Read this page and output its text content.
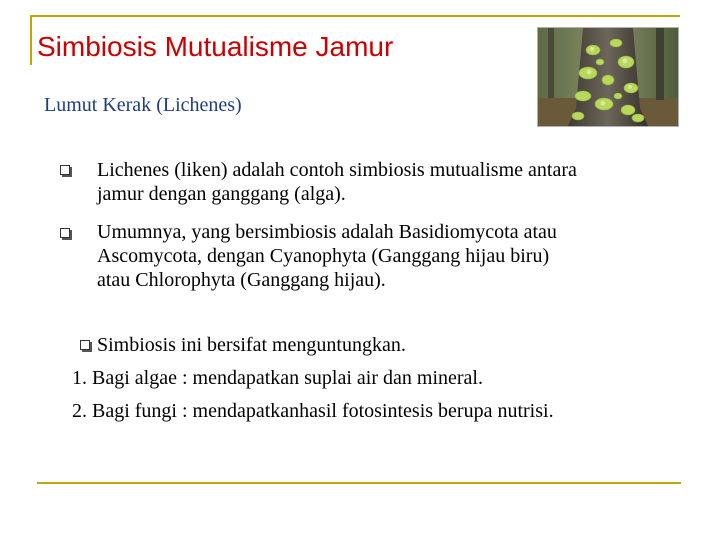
Simbiosis Mutualisme Jamur
Lumut Kerak (Lichenes)
Lichenes (liken) adalah contoh simbiosis mutualisme antara
jamur dengan ganggang (alga).
Umumnya, yang bersimbiosis adalah Basidiomycota atau
Ascomycota, dengan Cyanophyta (Ganggang hijau biru)
atau Chlorophyta (Ganggang hijau).
Simbiosis ini bersifat menguntungkan.
1. Bagi algae : mendapatkan suplai air dan mineral.
2. Bagi fungi : mendapatkanhasil fotosintesis berupa nutrisi.
